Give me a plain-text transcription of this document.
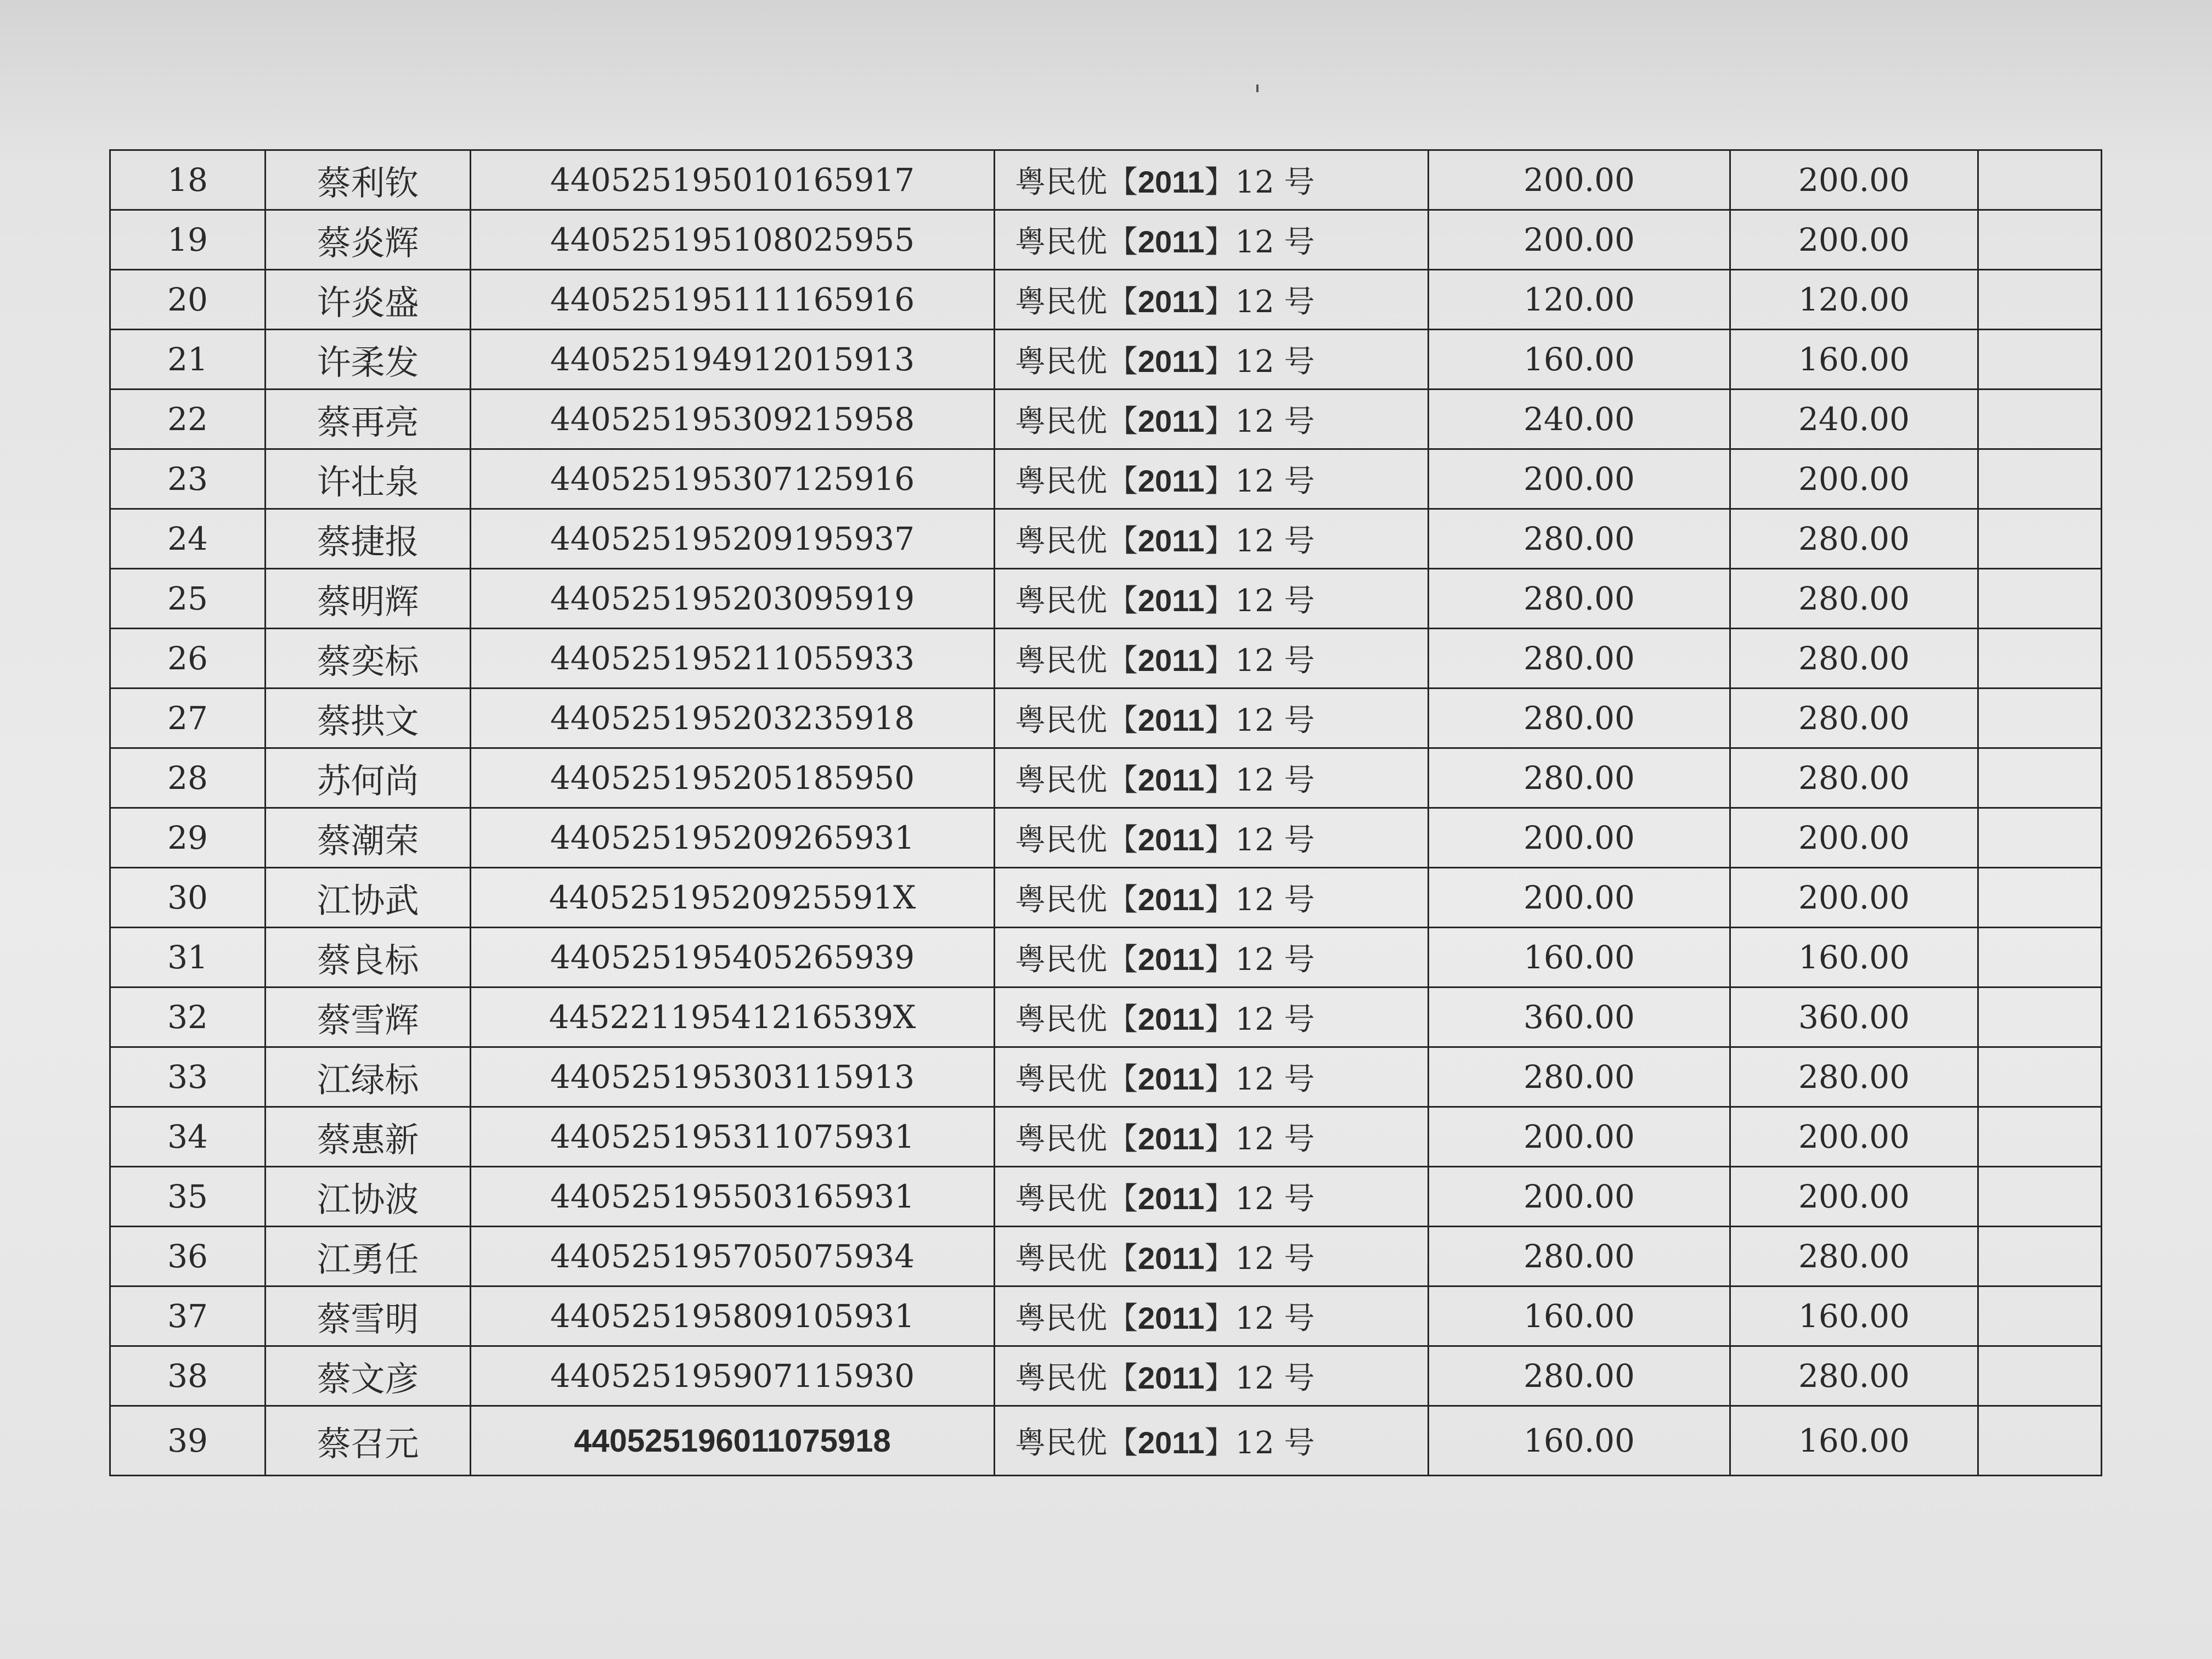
18	蔡利钦	440525195010165917	粤民优【2011】12 号	200.00	200.00	
19	蔡炎辉	440525195108025955	粤民优【2011】12 号	200.00	200.00	
20	许炎盛	440525195111165916	粤民优【2011】12 号	120.00	120.00	
21	许柔发	440525194912015913	粤民优【2011】12 号	160.00	160.00	
22	蔡再亮	440525195309215958	粤民优【2011】12 号	240.00	240.00	
23	许壮泉	440525195307125916	粤民优【2011】12 号	200.00	200.00	
24	蔡捷报	440525195209195937	粤民优【2011】12 号	280.00	280.00	
25	蔡明辉	440525195203095919	粤民优【2011】12 号	280.00	280.00	
26	蔡奕标	440525195211055933	粤民优【2011】12 号	280.00	280.00	
27	蔡拱文	440525195203235918	粤民优【2011】12 号	280.00	280.00	
28	苏何尚	440525195205185950	粤民优【2011】12 号	280.00	280.00	
29	蔡潮荣	440525195209265931	粤民优【2011】12 号	200.00	200.00	
30	江协武	44052519520925591X	粤民优【2011】12 号	200.00	200.00	
31	蔡良标	440525195405265939	粤民优【2011】12 号	160.00	160.00	
32	蔡雪辉	44522119541216539X	粤民优【2011】12 号	360.00	360.00	
33	江绿标	440525195303115913	粤民优【2011】12 号	280.00	280.00	
34	蔡惠新	440525195311075931	粤民优【2011】12 号	200.00	200.00	
35	江协波	440525195503165931	粤民优【2011】12 号	200.00	200.00	
36	江勇任	440525195705075934	粤民优【2011】12 号	280.00	280.00	
37	蔡雪明	440525195809105931	粤民优【2011】12 号	160.00	160.00	
38	蔡文彦	440525195907115930	粤民优【2011】12 号	280.00	280.00	
39	蔡召元	440525196011075918	粤民优【2011】12 号	160.00	160.00	
